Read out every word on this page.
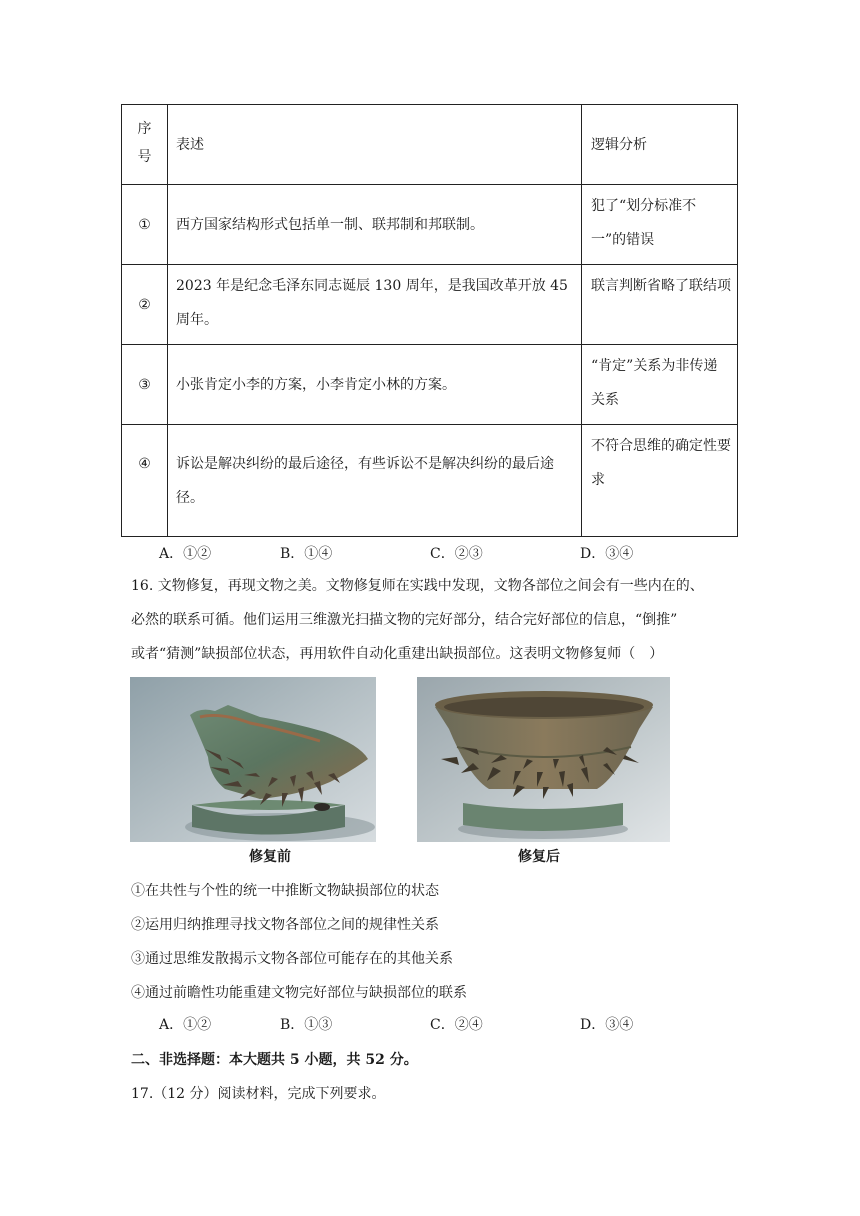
序号	表述	逻辑分析

①	西方国家结构形式包括单一制、联邦制和邦联制。	犯了“划分标准不一”的错误

②	2023 年是纪念毛泽东同志诞辰 130 周年，是我国改革开放 45 周年。	联言判断省略了联结项

③	小张肯定小李的方案，小李肯定小林的方案。	“肯定”关系为非传递关系

④	诉讼是解决纠纷的最后途径，有些诉讼不是解决纠纷的最后途径。	不符合思维的确定性要求
A．①②	B．①④	C．②③	D．③④
16. 文物修复，再现文物之美。文物修复师在实践中发现，文物各部位之间会有一些内在的、
必然的联系可循。他们运用三维激光扫描文物的完好部分，结合完好部位的信息，“倒推”
或者“猜测”缺损部位状态，再用软件自动化重建出缺损部位。这表明文物修复师（　）
修复前	修复后
①在共性与个性的统一中推断文物缺损部位的状态
②运用归纳推理寻找文物各部位之间的规律性关系
③通过思维发散揭示文物各部位可能存在的其他关系
④通过前瞻性功能重建文物完好部位与缺损部位的联系
A．①②	B．①③	C．②④	D．③④
二、非选择题：本大题共 5 小题，共 52 分。
17.（12 分）阅读材料，完成下列要求。
